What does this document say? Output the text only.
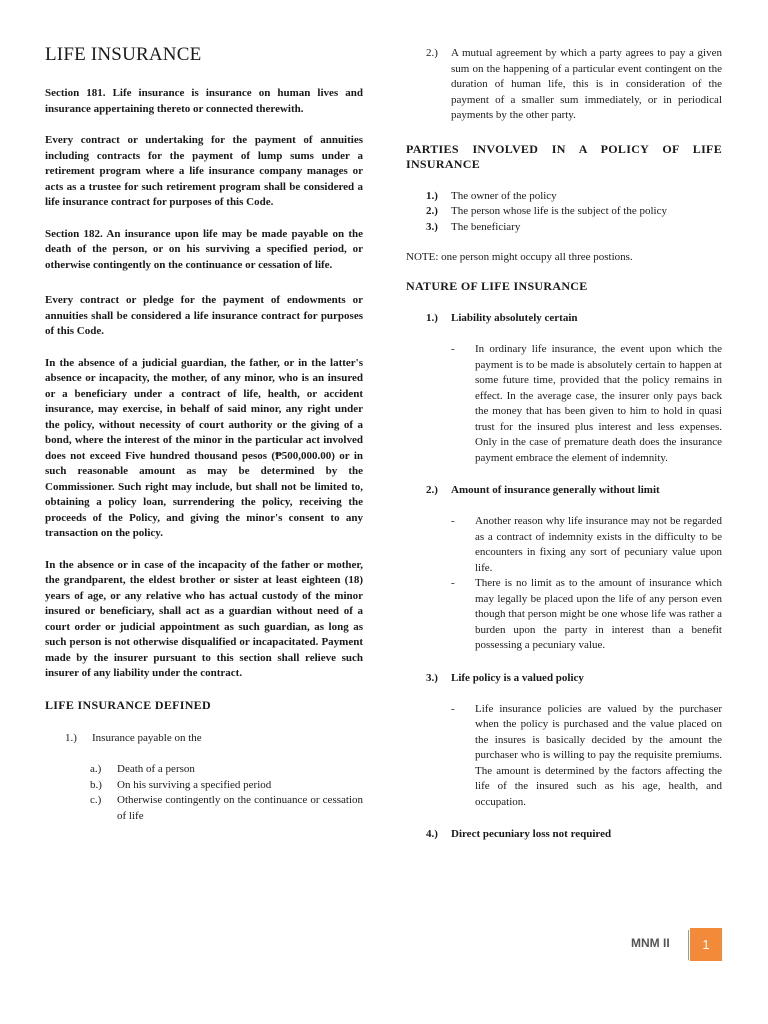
LIFE INSURANCE

Section 181. Life insurance is insurance on human lives and insurance appertaining thereto or connected therewith.

Every contract or undertaking for the payment of annuities including contracts for the payment of lump sums under a retirement program where a life insurance company manages or acts as a trustee for such retirement program shall be considered a life insurance contract for purposes of this Code.

Section 182. An insurance upon life may be made payable on the death of the person, or on his surviving a specified period, or otherwise contingently on the continuance or cessation of life.

Every contract or pledge for the payment of endowments or annuities shall be considered a life insurance contract for purposes of this Code.

In the absence of a judicial guardian, the father, or in the latter's absence or incapacity, the mother, of any minor, who is an insured or a beneficiary under a contract of life, health, or accident insurance, may exercise, in behalf of said minor, any right under the policy, without necessity of court authority or the giving of a bond, where the interest of the minor in the particular act involved does not exceed Five hundred thousand pesos (₱500,000.00) or in such reasonable amount as may be determined by the Commissioner. Such right may include, but shall not be limited to, obtaining a policy loan, surrendering the policy, receiving the proceeds of the Policy, and giving the minor's consent to any transaction on the policy.

In the absence or in case of the incapacity of the father or mother, the grandparent, the eldest brother or sister at least eighteen (18) years of age, or any relative who has actual custody of the minor insured or beneficiary, shall act as a guardian without need of a court order or judicial appointment as such guardian, as long as such person is not otherwise disqualified or incapacitated. Payment made by the insurer pursuant to this section shall relieve such insurer of any liability under the contract.

LIFE INSURANCE DEFINED
1.)	Insurance payable on the
a.)	Death of a person
b.)	On his surviving a specified period
c.)	Otherwise contingently on the continuance or cessation of life
2.)	A mutual agreement by which a party agrees to pay a given sum on the happening of a particular event contingent on the duration of human life, this is in consideration of the payment of a smaller sum immediately, or in periodical payments by the other party.
PARTIES INVOLVED IN A POLICY OF LIFE INSURANCE
1.)	The owner of the policy
2.)	The person whose life is the subject of the policy
3.)	The beneficiary

NOTE: one person might occupy all three postions.

NATURE OF LIFE INSURANCE
1.)	Liability absolutely certain
-	In ordinary life insurance, the event upon which the payment is to be made is absolutely certain to happen at some future time, provided that the policy remains in effect. In the average case, the insurer only pays back the money that has been given to him to hold in quasi trust for the insured plus interest and less expenses. Only in the case of premature death does the insurance payment embrace the element of indemnity.
2.)	Amount of insurance generally without limit
-	Another reason why life insurance may not be regarded as a contract of indemnity exists in the difficulty to be encounters in fixing any sort of pecuniary value upon life.
-	There is no limit as to the amount of insurance which may legally be placed upon the life of any person even though that person might be one whose life was rather a burden upon the party in interest than a benefit possessing a pecuniary value.
3.)	Life policy is a valued policy
-	Life insurance policies are valued by the purchaser when the policy is purchased and the value placed on the insures is basically decided by the amount the purchaser who is willing to pay the requisite premiums. The amount is determined by the factors affecting the life of the insured such as his age, health, and occupation.
4.)	Direct pecuniary loss not required
MNM II	1
